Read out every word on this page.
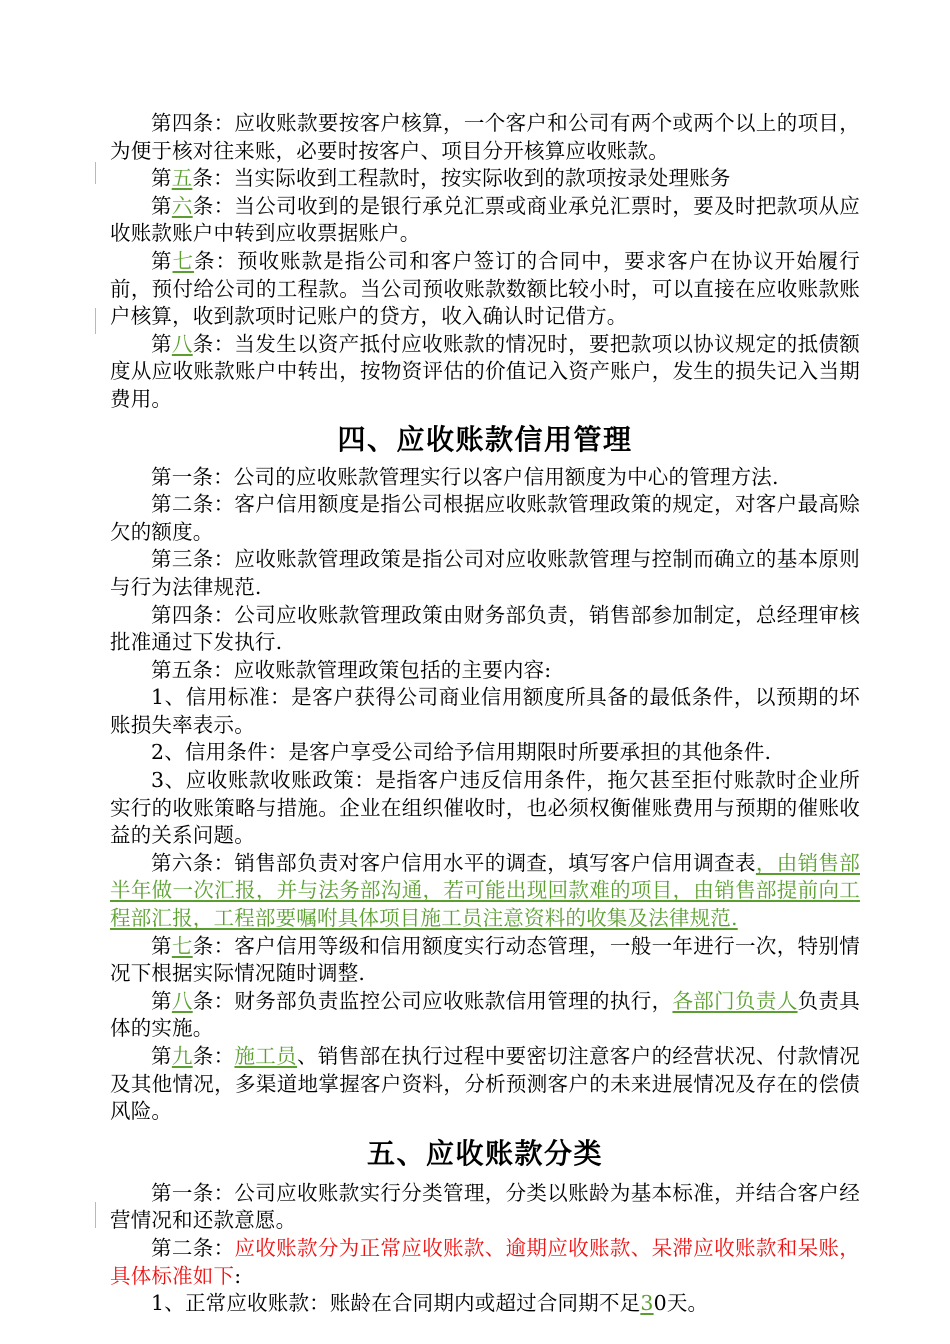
第四条：应收账款要按客户核算，一个客户和公司有两个或两个以上的项目，为便于核对往来账，必要时按客户、项目分开核算应收账款。

第五条：当实际收到工程款时，按实际收到的款项按录处理账务

第六条：当公司收到的是银行承兑汇票或商业承兑汇票时，要及时把款项从应收账款账户中转到应收票据账户。

第七条：预收账款是指公司和客户签订的合同中，要求客户在协议开始履行前，预付给公司的工程款。当公司预收账款数额比较小时，可以直接在应收账款账户核算，收到款项时记账户的贷方，收入确认时记借方。

第八条：当发生以资产抵付应收账款的情况时，要把款项以协议规定的抵债额度从应收账款账户中转出，按物资评估的价值记入资产账户，发生的损失记入当期费用。

四、应收账款信用管理

第一条：公司的应收账款管理实行以客户信用额度为中心的管理方法.

第二条：客户信用额度是指公司根据应收账款管理政策的规定，对客户最高赊欠的额度。

第三条：应收账款管理政策是指公司对应收账款管理与控制而确立的基本原则与行为法律规范.

第四条：公司应收账款管理政策由财务部负责，销售部参加制定，总经理审核批准通过下发执行.

第五条：应收账款管理政策包括的主要内容:

1、信用标准：是客户获得公司商业信用额度所具备的最低条件，以预期的坏账损失率表示。

2、信用条件：是客户享受公司给予信用期限时所要承担的其他条件.

3、应收账款收账政策：是指客户违反信用条件，拖欠甚至拒付账款时企业所实行的收账策略与措施。企业在组织催收时，也必须权衡催账费用与预期的催账收益的关系问题。

第六条：销售部负责对客户信用水平的调查，填写客户信用调查表，由销售部半年做一次汇报，并与法务部沟通，若可能出现回款难的项目，由销售部提前向工程部汇报，工程部要嘱咐具体项目施工员注意资料的收集及法律规范.

第七条：客户信用等级和信用额度实行动态管理，一般一年进行一次，特别情况下根据实际情况随时调整.

第八条：财务部负责监控公司应收账款信用管理的执行，各部门负责人负责具体的实施。

第九条：施工员、销售部在执行过程中要密切注意客户的经营状况、付款情况及其他情况，多渠道地掌握客户资料，分析预测客户的未来进展情况及存在的偿债风险。

五、应收账款分类

第一条：公司应收账款实行分类管理，分类以账龄为基本标准，并结合客户经营情况和还款意愿。

第二条：应收账款分为正常应收账款、逾期应收账款、呆滞应收账款和呆账，具体标准如下:

1、正常应收账款：账龄在合同期内或超过合同期不足30天。
